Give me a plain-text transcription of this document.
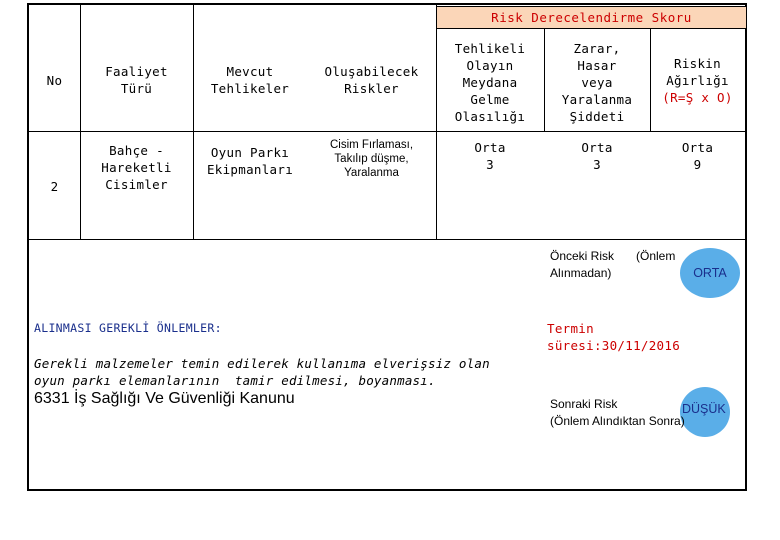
Risk Derecelendirme Skoru
No
Faaliyet
Türü
Mevcut
Tehlikeler
Oluşabilecek
Riskler
Tehlikeli
Olayın
Meydana
Gelme
Olasılığı
Zarar,
Hasar
veya
Yaralanma
Şiddeti
Riskin
Ağırlığı
(R=Ş x O)
2
Bahçe -
Hareketli
Cisimler
Oyun Parkı
Ekipmanları
Cisim Fırlaması,
Takılıp düşme,
Yaralanma
Orta
3
Orta
3
Orta
9
ALINMASI GEREKLİ ÖNLEMLER:
Gerekli malzemeler temin edilerek kullanıma elverişsiz olan
oyun parkı elemanlarının  tamir edilmesi, boyanması.
6331 İş Sağlığı Ve Güvenliği Kanunu
Önceki Risk
Alınmadan)
(Önlem
ORTA
Termin
süresi:30/11/2016
Sonraki Risk
(Önlem Alındıktan Sonra)
DÜŞÜK
